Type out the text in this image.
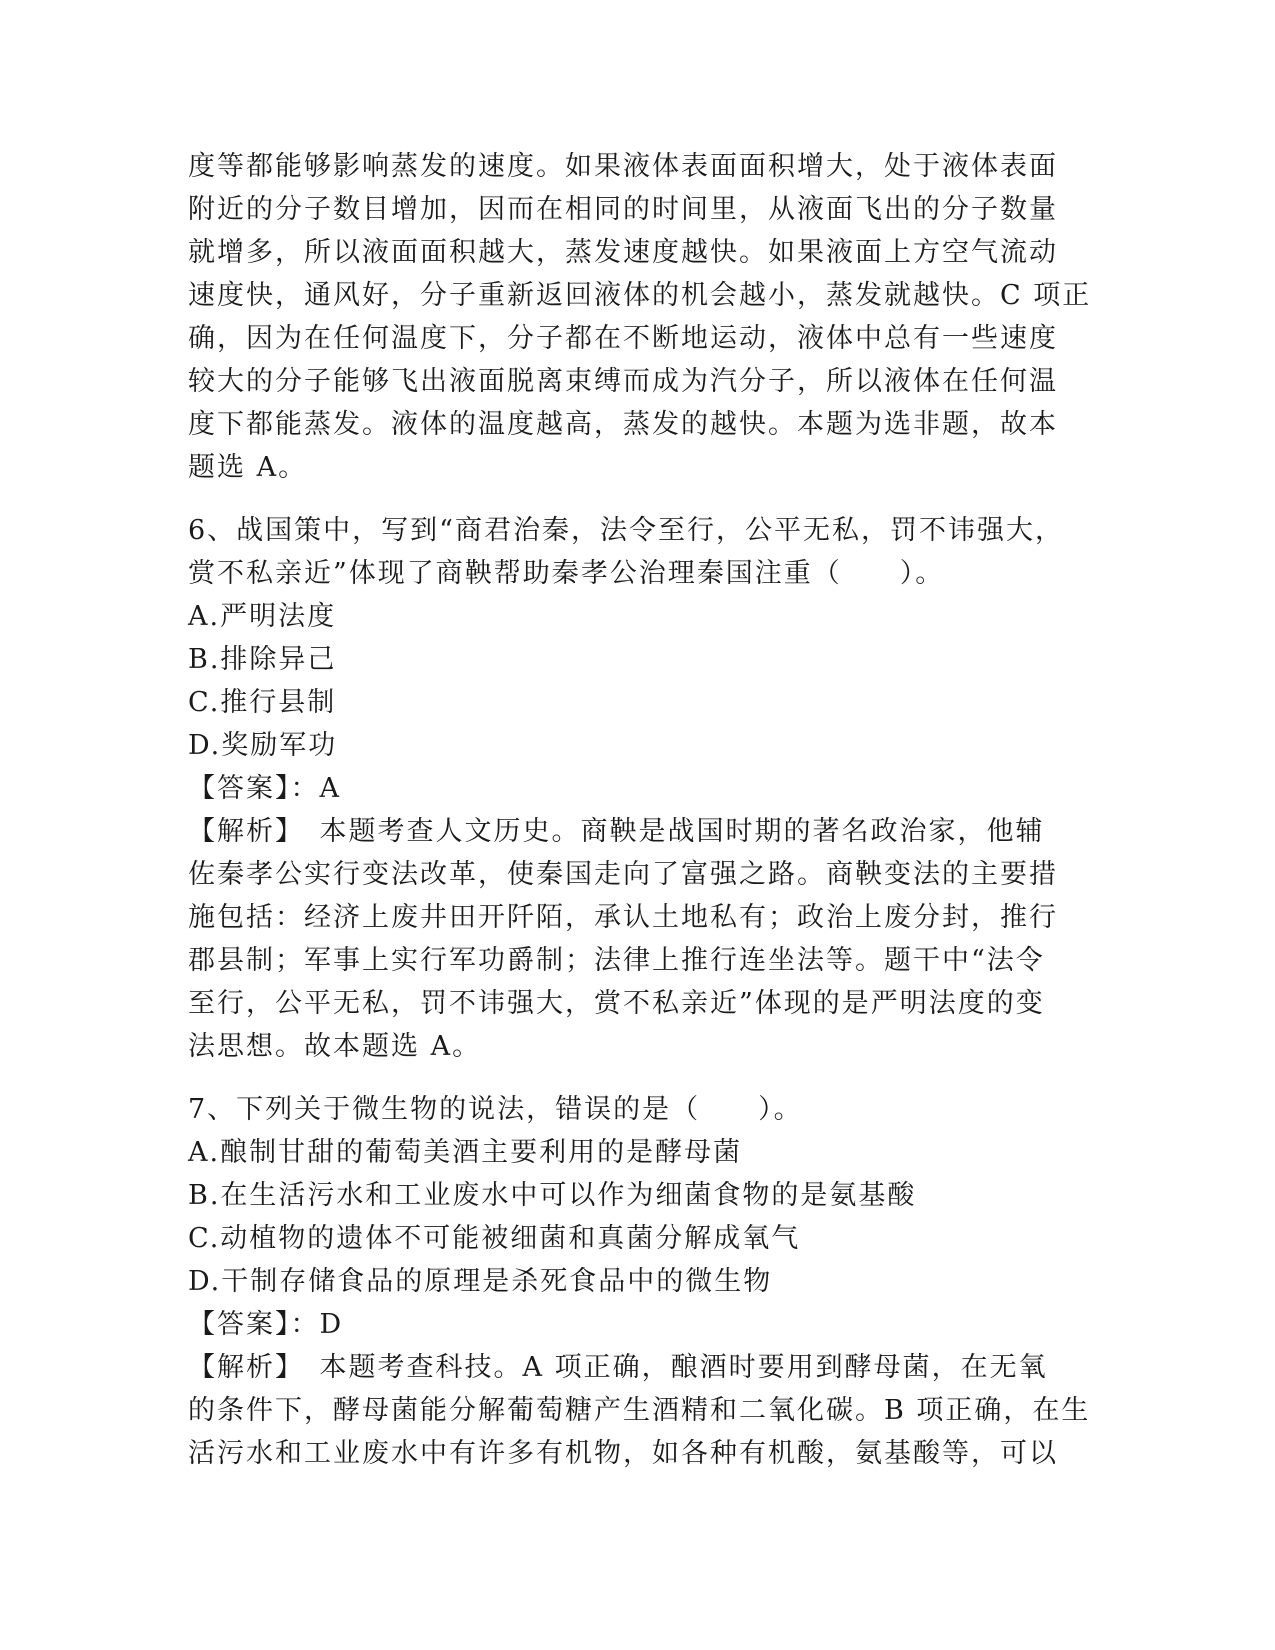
度等都能够影响蒸发的速度。如果液体表面面积增大，处于液体表面
附近的分子数目增加，因而在相同的时间里，从液面飞出的分子数量
就增多，所以液面面积越大，蒸发速度越快。如果液面上方空气流动
速度快，通风好，分子重新返回液体的机会越小，蒸发就越快。C 项正
确，因为在任何温度下，分子都在不断地运动，液体中总有一些速度
较大的分子能够飞出液面脱离束缚而成为汽分子，所以液体在任何温
度下都能蒸发。液体的温度越高，蒸发的越快。本题为选非题，故本
题选 A。
6、战国策中，写到“商君治秦，法令至行，公平无私，罚不讳强大，
赏不私亲近”体现了商鞅帮助秦孝公治理秦国注重（　　）。
A.严明法度
B.排除异己
C.推行县制
D.奖励军功
【答案】：A
【解析】　本题考查人文历史。商鞅是战国时期的著名政治家，他辅
佐秦孝公实行变法改革，使秦国走向了富强之路。商鞅变法的主要措
施包括：经济上废井田开阡陌，承认土地私有；政治上废分封，推行
郡县制；军事上实行军功爵制；法律上推行连坐法等。题干中“法令
至行，公平无私，罚不讳强大，赏不私亲近”体现的是严明法度的变
法思想。故本题选 A。
7、下列关于微生物的说法，错误的是（　　）。
A.酿制甘甜的葡萄美酒主要利用的是酵母菌
B.在生活污水和工业废水中可以作为细菌食物的是氨基酸
C.动植物的遗体不可能被细菌和真菌分解成氧气
D.干制存储食品的原理是杀死食品中的微生物
【答案】：D
【解析】　本题考查科技。A 项正确，酿酒时要用到酵母菌，在无氧
的条件下，酵母菌能分解葡萄糖产生酒精和二氧化碳。B 项正确，在生
活污水和工业废水中有许多有机物，如各种有机酸，氨基酸等，可以
